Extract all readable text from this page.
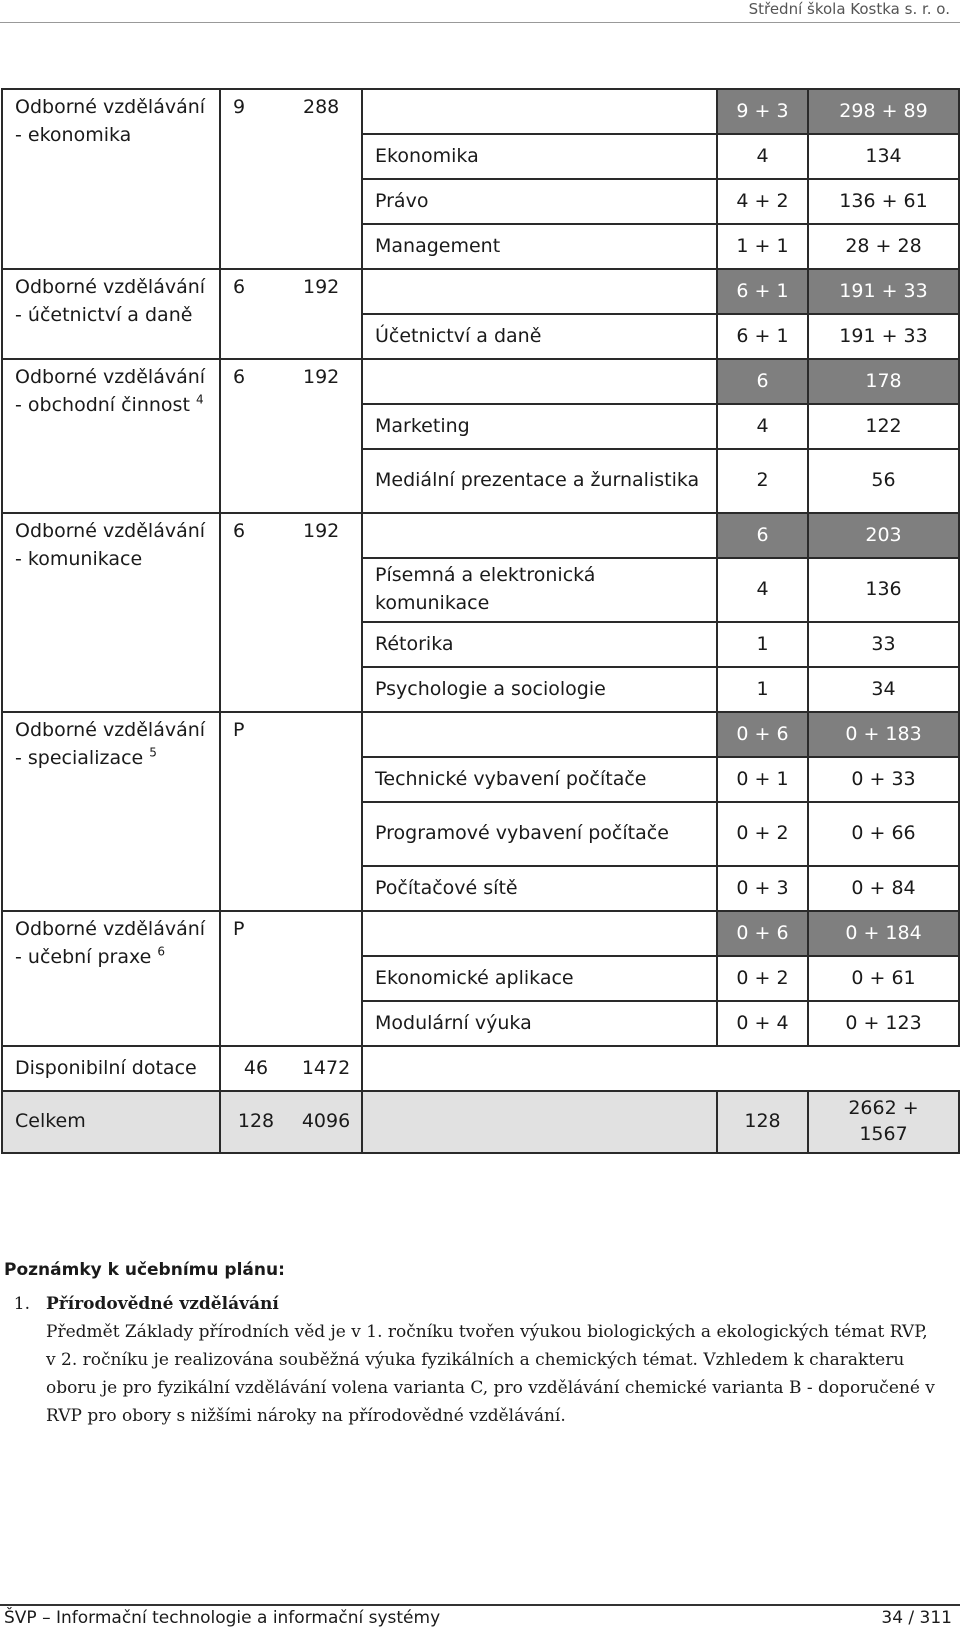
Střední škola Kostka s. r. o.
Odborné vzdělávání - ekonomika	9	288		9 + 3	298 + 89
			Ekonomika	4	134
			Právo	4 + 2	136 + 61
			Management	1 + 1	28 + 28
Odborné vzdělávání - účetnictví a daně	6	192		6 + 1	191 + 33
			Účetnictví a daně	6 + 1	191 + 33
Odborné vzdělávání - obchodní činnost $^4$	6	192		6	178
			Marketing	4	122
			Mediální prezentace a žurnalistika	2	56
Odborné vzdělávání - komunikace	6	192		6	203
			Písemná a elektronická komunikace	4	136
			Rétorika	1	33
			Psychologie a sociologie	1	34
Odborné vzdělávání - specializace $^5$	P			0 + 6	0 + 183
			Technické vybavení počítače	0 + 1	0 + 33
			Programové vybavení počítače	0 + 2	0 + 66
			Počítačové sítě	0 + 3	0 + 84
Odborné vzdělávání - učební praxe $^6$	P			0 + 6	0 + 184
			Ekonomické aplikace	0 + 2	0 + 61
			Modulární výuka	0 + 4	0 + 123
Disponibilní dotace	46	1472			
Celkem	128	4096		128	2662 + 1567
Poznámky k učebnímu plánu:
1. Přírodovědné vzdělávání
Předmět Základy přírodních věd je v 1. ročníku tvořen výukou biologických a ekologických témat RVP, v 2. ročníku je realizována souběžná výuka fyzikálních a chemických témat. Vzhledem k charakteru oboru je pro fyzikální vzdělávání volena varianta C, pro vzdělávání chemické varianta B - doporučené v RVP pro obory s nižšími nároky na přírodovědné vzdělávání.
ŠVP – Informační technologie a informační systémy	34 / 311
